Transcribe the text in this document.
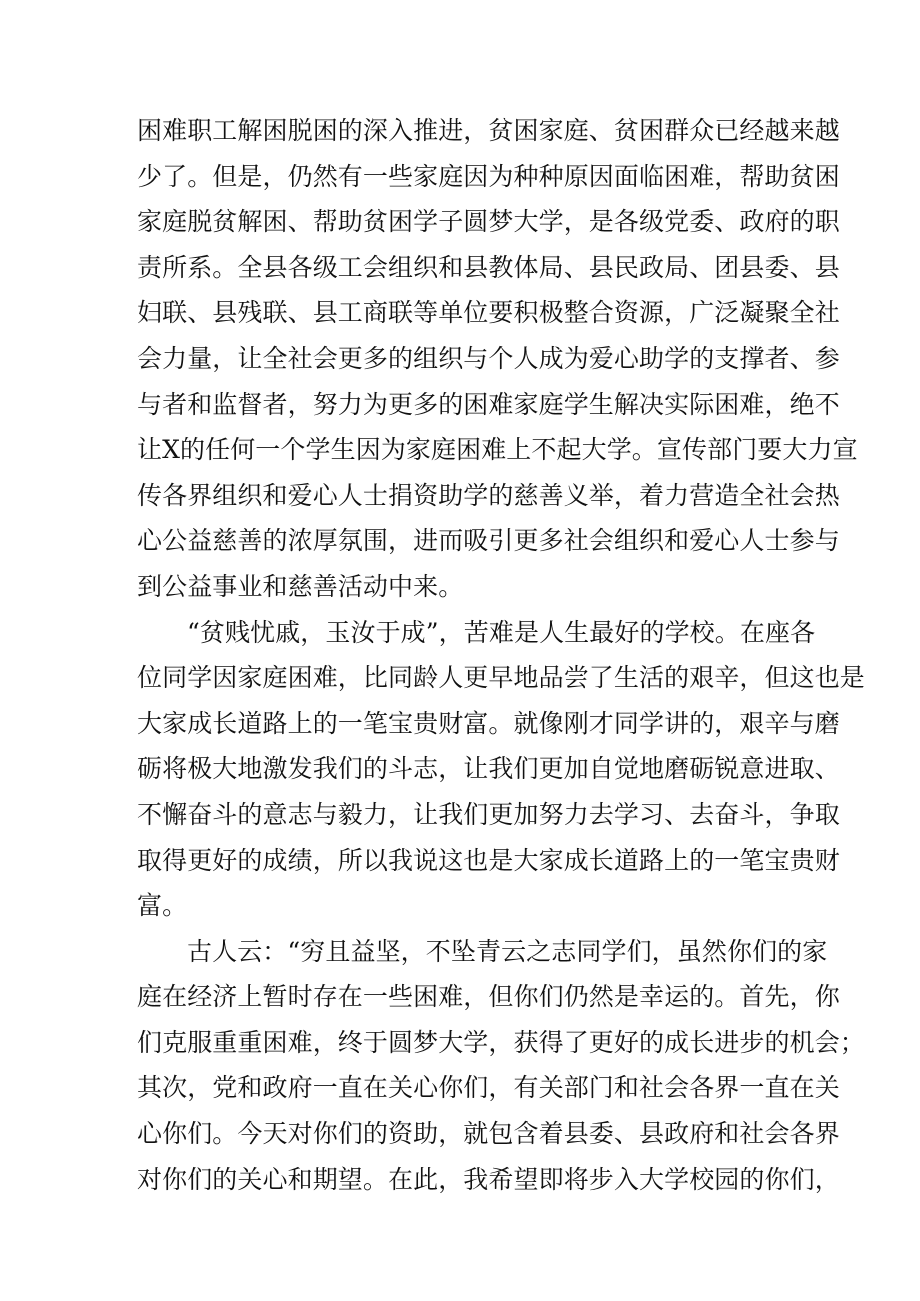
困难职工解困脱困的深入推进，贫困家庭、贫困群众已经越来越
少了。但是，仍然有一些家庭因为种种原因面临困难，帮助贫困
家庭脱贫解困、帮助贫困学子圆梦大学，是各级党委、政府的职
责所系。全县各级工会组织和县教体局、县民政局、团县委、县
妇联、县残联、县工商联等单位要积极整合资源，广泛凝聚全社
会力量，让全社会更多的组织与个人成为爱心助学的支撑者、参
与者和监督者，努力为更多的困难家庭学生解决实际困难，绝不
让X的任何一个学生因为家庭困难上不起大学。宣传部门要大力宣
传各界组织和爱心人士捐资助学的慈善义举，着力营造全社会热
心公益慈善的浓厚氛围，进而吸引更多社会组织和爱心人士参与
到公益事业和慈善活动中来。
“贫贱忧戚，玉汝于成”，苦难是人生最好的学校。在座各
位同学因家庭困难，比同龄人更早地品尝了生活的艰辛，但这也是
大家成长道路上的一笔宝贵财富。就像刚才同学讲的，艰辛与磨
砺将极大地激发我们的斗志，让我们更加自觉地磨砺锐意进取、
不懈奋斗的意志与毅力，让我们更加努力去学习、去奋斗，争取
取得更好的成绩，所以我说这也是大家成长道路上的一笔宝贵财
富。
古人云：“穷且益坚，不坠青云之志同学们，虽然你们的家
庭在经济上暂时存在一些困难，但你们仍然是幸运的。首先，你
们克服重重困难，终于圆梦大学，获得了更好的成长进步的机会；
其次，党和政府一直在关心你们，有关部门和社会各界一直在关
心你们。今天对你们的资助，就包含着县委、县政府和社会各界
对你们的关心和期望。在此，我希望即将步入大学校园的你们，
